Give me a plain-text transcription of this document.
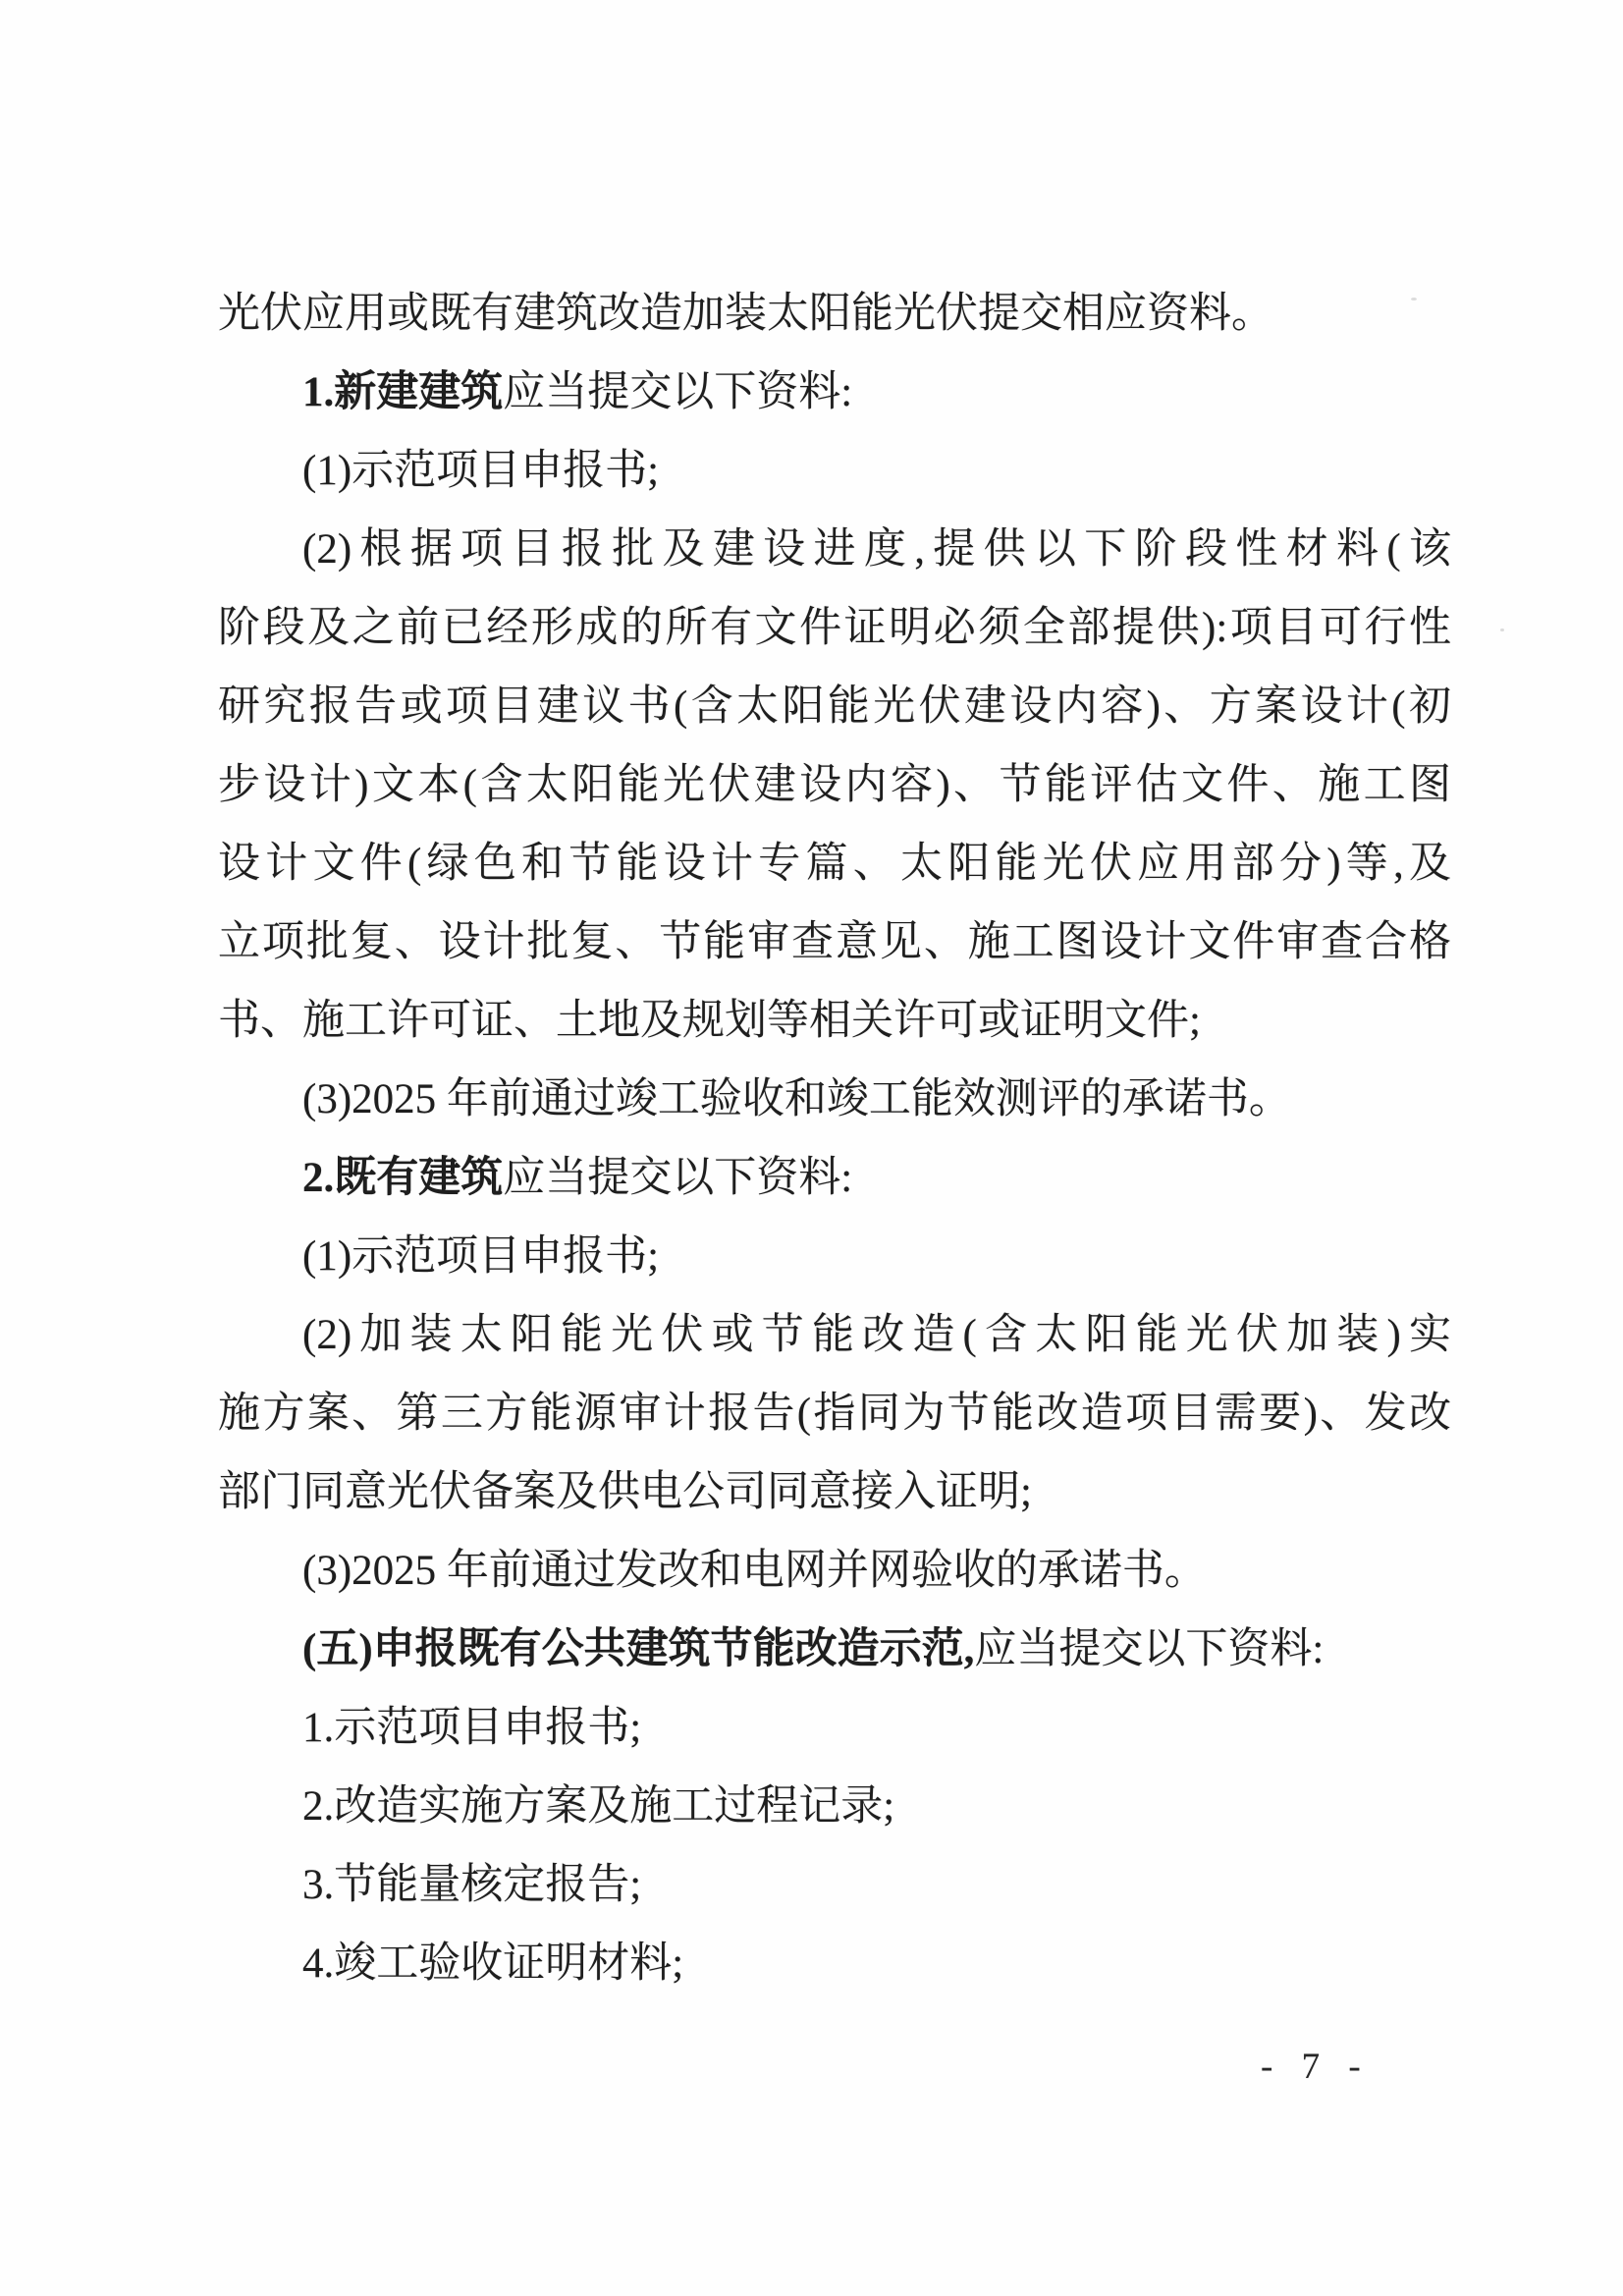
光伏应用或既有建筑改造加装太阳能光伏提交相应资料。
1.新建建筑应当提交以下资料:
(1)示范项目申报书;
(2)根据项目报批及建设进度,提供以下阶段性材料(该
阶段及之前已经形成的所有文件证明必须全部提供):项目可行性
研究报告或项目建议书(含太阳能光伏建设内容)、方案设计(初
步设计)文本(含太阳能光伏建设内容)、节能评估文件、施工图
设计文件(绿色和节能设计专篇、太阳能光伏应用部分)等,及
立项批复、设计批复、节能审查意见、施工图设计文件审查合格
书、施工许可证、土地及规划等相关许可或证明文件;
(3)2025 年前通过竣工验收和竣工能效测评的承诺书。
2.既有建筑应当提交以下资料:
(1)示范项目申报书;
(2)加装太阳能光伏或节能改造(含太阳能光伏加装)实
施方案、第三方能源审计报告(指同为节能改造项目需要)、发改
部门同意光伏备案及供电公司同意接入证明;
(3)2025 年前通过发改和电网并网验收的承诺书。
(五)申报既有公共建筑节能改造示范,应当提交以下资料:
1.示范项目申报书;
2.改造实施方案及施工过程记录;
3.节能量核定报告;
4.竣工验收证明材料;
- 7 -
